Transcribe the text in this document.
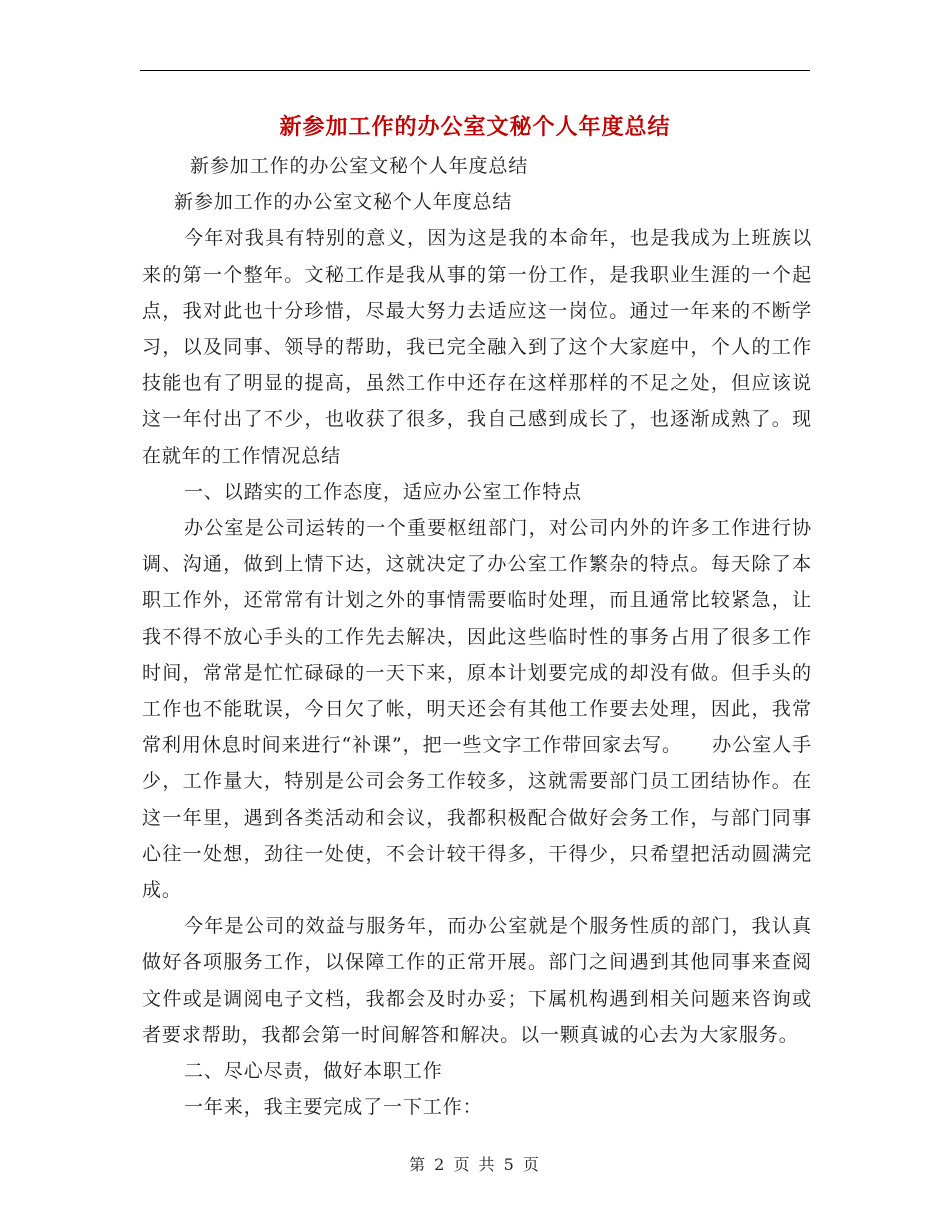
新参加工作的办公室文秘个人年度总结

新参加工作的办公室文秘个人年度总结

新参加工作的办公室文秘个人年度总结

今年对我具有特别的意义，因为这是我的本命年，也是我成为上班族以来的第一个整年。文秘工作是我从事的第一份工作，是我职业生涯的一个起点，我对此也十分珍惜，尽最大努力去适应这一岗位。通过一年来的不断学习，以及同事、领导的帮助，我已完全融入到了这个大家庭中，个人的工作技能也有了明显的提高，虽然工作中还存在这样那样的不足之处，但应该说这一年付出了不少，也收获了很多，我自己感到成长了，也逐渐成熟了。现在就年的工作情况总结

一、以踏实的工作态度，适应办公室工作特点

办公室是公司运转的一个重要枢纽部门，对公司内外的许多工作进行协调、沟通，做到上情下达，这就决定了办公室工作繁杂的特点。每天除了本职工作外，还常常有计划之外的事情需要临时处理，而且通常比较紧急，让我不得不放心手头的工作先去解决，因此这些临时性的事务占用了很多工作时间，常常是忙忙碌碌的一天下来，原本计划要完成的却没有做。但手头的工作也不能耽误，今日欠了帐，明天还会有其他工作要去处理，因此，我常常利用休息时间来进行“补课”，把一些文字工作带回家去写。　　办公室人手少，工作量大，特别是公司会务工作较多，这就需要部门员工团结协作。在这一年里，遇到各类活动和会议，我都积极配合做好会务工作，与部门同事心往一处想，劲往一处使，不会计较干得多，干得少，只希望把活动圆满完成。

今年是公司的效益与服务年，而办公室就是个服务性质的部门，我认真做好各项服务工作，以保障工作的正常开展。部门之间遇到其他同事来查阅文件或是调阅电子文档，我都会及时办妥；下属机构遇到相关问题来咨询或者要求帮助，我都会第一时间解答和解决。以一颗真诚的心去为大家服务。

二、尽心尽责，做好本职工作

一年来，我主要完成了一下工作：

第 2 页 共 5 页
